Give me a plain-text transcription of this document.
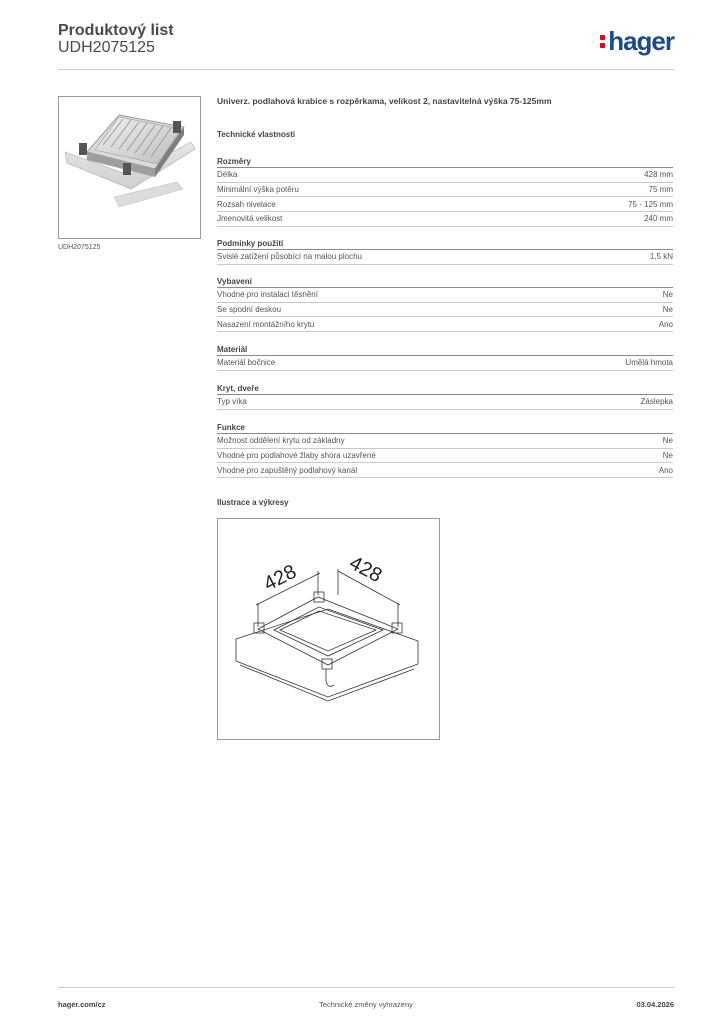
Produktový list
UDH2075125	hager
UDH2075125
Univerz. podlahová krabice s rozpěrkama, velikost 2, nastavitelná výška 75-125mm
Technické vlastnosti
Rozměry
Délka	428 mm
Minimální výška potěru	75 mm
Rozsah nivelace	75 - 125 mm
Jmenovitá velikost	240 mm
Podmínky použití
Svislé zatížení působící na malou plochu	1,5 kN
Vybavení
Vhodné pro instalaci těsnění	Ne
Se spodní deskou	Ne
Nasazení montážního krytu	Ano
Materiál
Materiál bočnice	Umělá hmota
Kryt, dveře
Typ víka	Záslepka
Funkce
Možnost oddělení krytu od základny	Ne
Vhodné pro podlahové žlaby shora uzavřené	Ne
Vhodné pro zapuštěný podlahový kanál	Ano
Ilustrace a výkresy
428 428
hager.com/cz	Technické změny vyhrazeny	03.04.2026
